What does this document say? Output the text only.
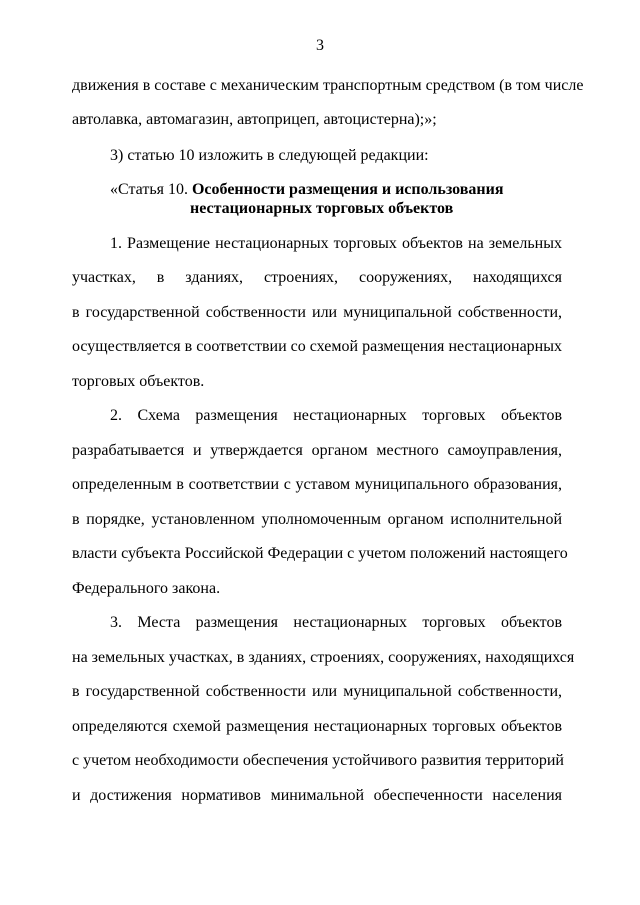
3
движения в составе с механическим транспортным средством (в том числе
автолавка, автомагазин, автоприцеп, автоцистерна);»;
3) статью 10 изложить в следующей редакции:
«Статья 10. Особенности размещения и использования
нестационарных торговых объектов
1. Размещение нестационарных торговых объектов на земельных
участках, в зданиях, строениях, сооружениях, находящихся
в государственной собственности или муниципальной собственности,
осуществляется в соответствии со схемой размещения нестационарных
торговых объектов.
2. Схема размещения нестационарных торговых объектов
разрабатывается и утверждается органом местного самоуправления,
определенным в соответствии с уставом муниципального образования,
в порядке, установленном уполномоченным органом исполнительной
власти субъекта Российской Федерации с учетом положений настоящего
Федерального закона.
3. Места размещения нестационарных торговых объектов
на земельных участках, в зданиях, строениях, сооружениях, находящихся
в государственной собственности или муниципальной собственности,
определяются схемой размещения нестационарных торговых объектов
с учетом необходимости обеспечения устойчивого развития территорий
и достижения нормативов минимальной обеспеченности населения
